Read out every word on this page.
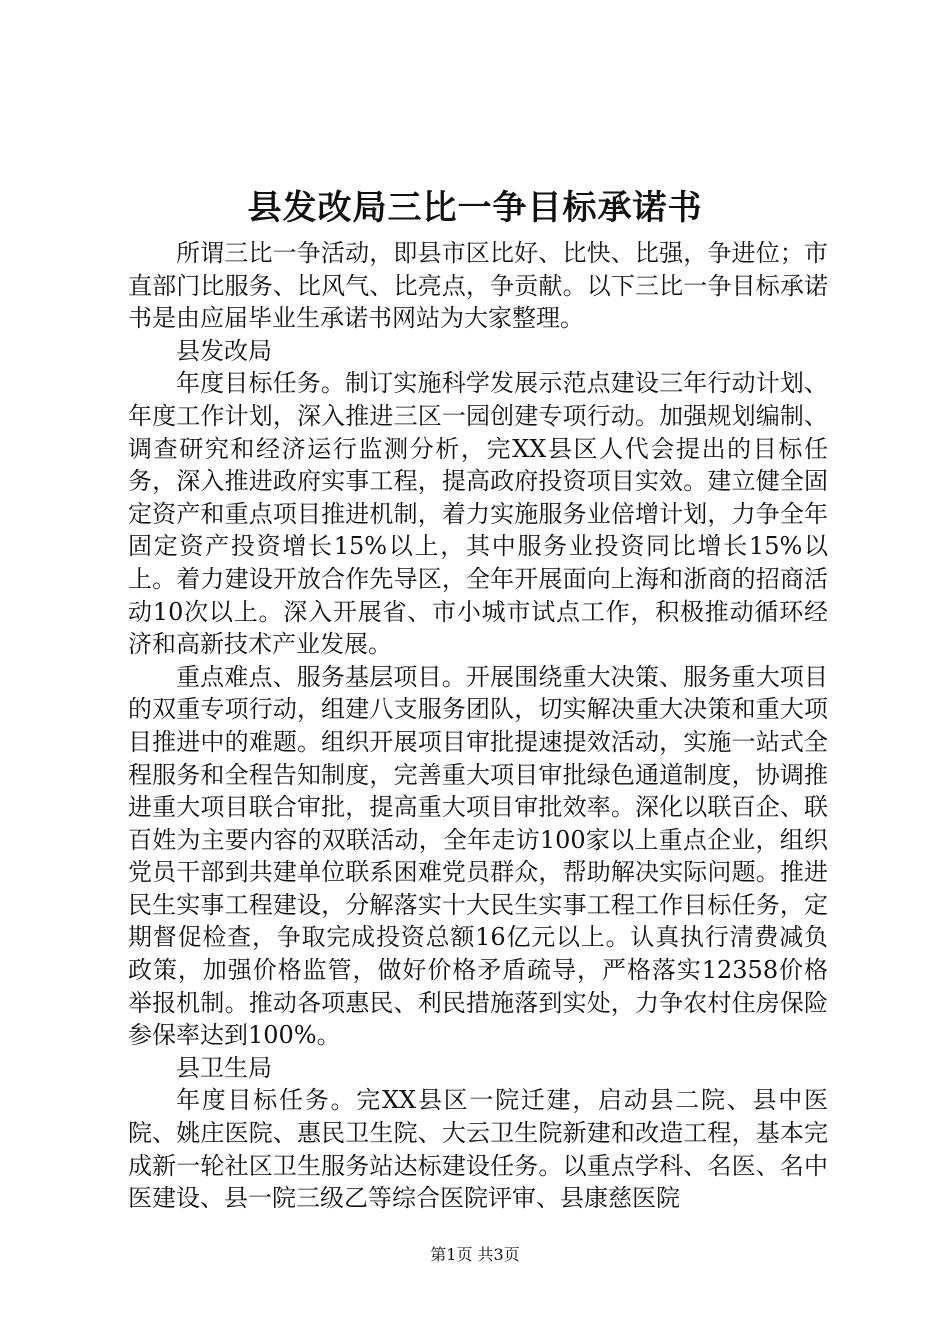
县发改局三比一争目标承诺书

所谓三比一争活动，即县市区比好、比快、比强，争进位；市直部门比服务、比风气、比亮点，争贡献。以下三比一争目标承诺书是由应届毕业生承诺书网站为大家整理。

县发改局

年度目标任务。制订实施科学发展示范点建设三年行动计划、年度工作计划，深入推进三区一园创建专项行动。加强规划编制、调查研究和经济运行监测分析，完XX县区人代会提出的目标任务，深入推进政府实事工程，提高政府投资项目实效。建立健全固定资产和重点项目推进机制，着力实施服务业倍增计划，力争全年固定资产投资增长15%以上，其中服务业投资同比增长15%以上。着力建设开放合作先导区，全年开展面向上海和浙商的招商活动10次以上。深入开展省、市小城市试点工作，积极推动循环经济和高新技术产业发展。

重点难点、服务基层项目。开展围绕重大决策、服务重大项目的双重专项行动，组建八支服务团队，切实解决重大决策和重大项目推进中的难题。组织开展项目审批提速提效活动，实施一站式全程服务和全程告知制度，完善重大项目审批绿色通道制度，协调推进重大项目联合审批，提高重大项目审批效率。深化以联百企、联百姓为主要内容的双联活动，全年走访100家以上重点企业，组织党员干部到共建单位联系困难党员群众，帮助解决实际问题。推进民生实事工程建设，分解落实十大民生实事工程工作目标任务，定期督促检查，争取完成投资总额16亿元以上。认真执行清费减负政策，加强价格监管，做好价格矛盾疏导，严格落实12358价格举报机制。推动各项惠民、利民措施落到实处，力争农村住房保险参保率达到100%。

县卫生局

年度目标任务。完XX县区一院迁建，启动县二院、县中医院、姚庄医院、惠民卫生院、大云卫生院新建和改造工程，基本完成新一轮社区卫生服务站达标建设任务。以重点学科、名医、名中医建设、县一院三级乙等综合医院评审、县康慈医院

第1页 共3页
